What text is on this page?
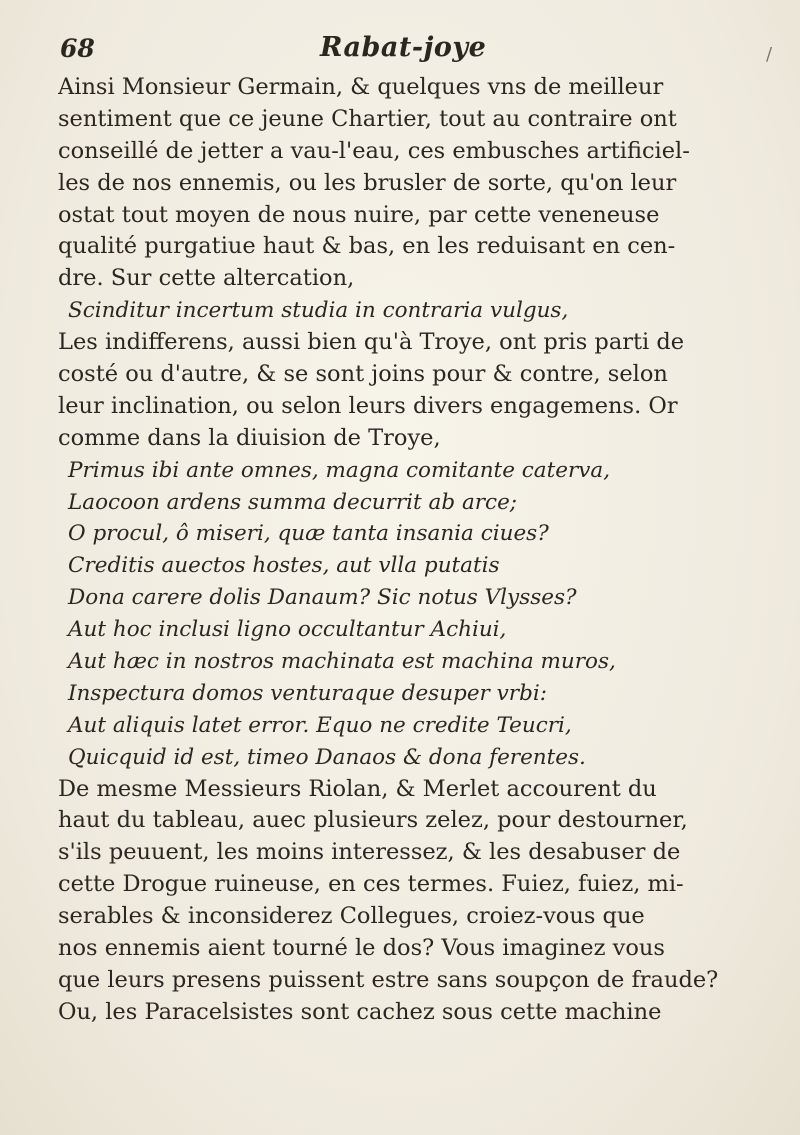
68	Rabat-joye	/
Ainsi Monsieur Germain, & quelques vns de meilleur
sentiment que ce jeune Chartier, tout au contraire ont
conseillé de jetter a vau-l'eau, ces embusches artificiel-
les de nos ennemis, ou les brusler de sorte, qu'on leur
ostat tout moyen de nous nuire, par cette veneneuse
qualité purgatiue haut & bas, en les reduisant en cen-
dre. Sur cette altercation,
Scinditur incertum studia in contraria vulgus,
Les indifferens, aussi bien qu'à Troye, ont pris parti de
costé ou d'autre, & se sont joins pour & contre, selon
leur inclination, ou selon leurs divers engagemens. Or
comme dans la diuision de Troye,
Primus ibi ante omnes, magna comitante caterva,
Laocoon ardens summa decurrit ab arce;
O procul, ô miseri, quæ tanta insania ciues?
Creditis auectos hostes, aut vlla putatis
Dona carere dolis Danaum? Sic notus Vlysses?
Aut hoc inclusi ligno occultantur Achiui,
Aut hæc in nostros machinata est machina muros,
Inspectura domos venturaque desuper vrbi:
Aut aliquis latet error. Equo ne credite Teucri,
Quicquid id est, timeo Danaos & dona ferentes.
De mesme Messieurs Riolan, & Merlet accourent du
haut du tableau, auec plusieurs zelez, pour destourner,
s'ils peuuent, les moins interessez, & les desabuser de
cette Drogue ruineuse, en ces termes. Fuiez, fuiez, mi-
serables & inconsiderez Collegues, croiez-vous que
nos ennemis aient tourné le dos? Vous imaginez vous
que leurs presens puissent estre sans soupçon de fraude?
Ou, les Paracelsistes sont cachez sous cette machine
